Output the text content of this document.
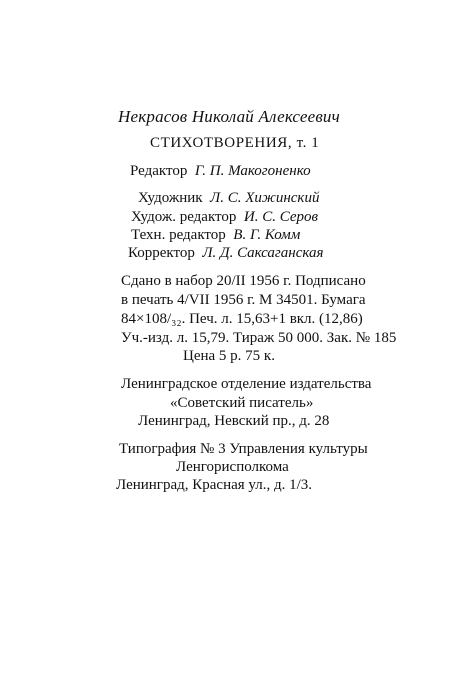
Некрасов Николай Алексеевич
СТИХОТВОРЕНИЯ, т. 1
Редактор Г. П. Макогоненко
Художник Л. С. Хижинский
Худож. редактор И. С. Серов
Техн. редактор В. Г. Комм
Корректор Л. Д. Саксаганская
Сдано в набор 20/II 1956 г. Подписано
в печать 4/VII 1956 г. М 34501. Бумага
84×108/₃₂. Печ. л. 15,63+1 вкл. (12,86)
Уч.-изд. л. 15,79. Тираж 50 000. Зак. № 185
Цена 5 р. 75 к.
Ленинградское отделение издательства
«Советский писатель»
Ленинград, Невский пр., д. 28
Типография № 3 Управления культуры
Ленгорисполкома
Ленинград, Красная ул., д. 1/3.
